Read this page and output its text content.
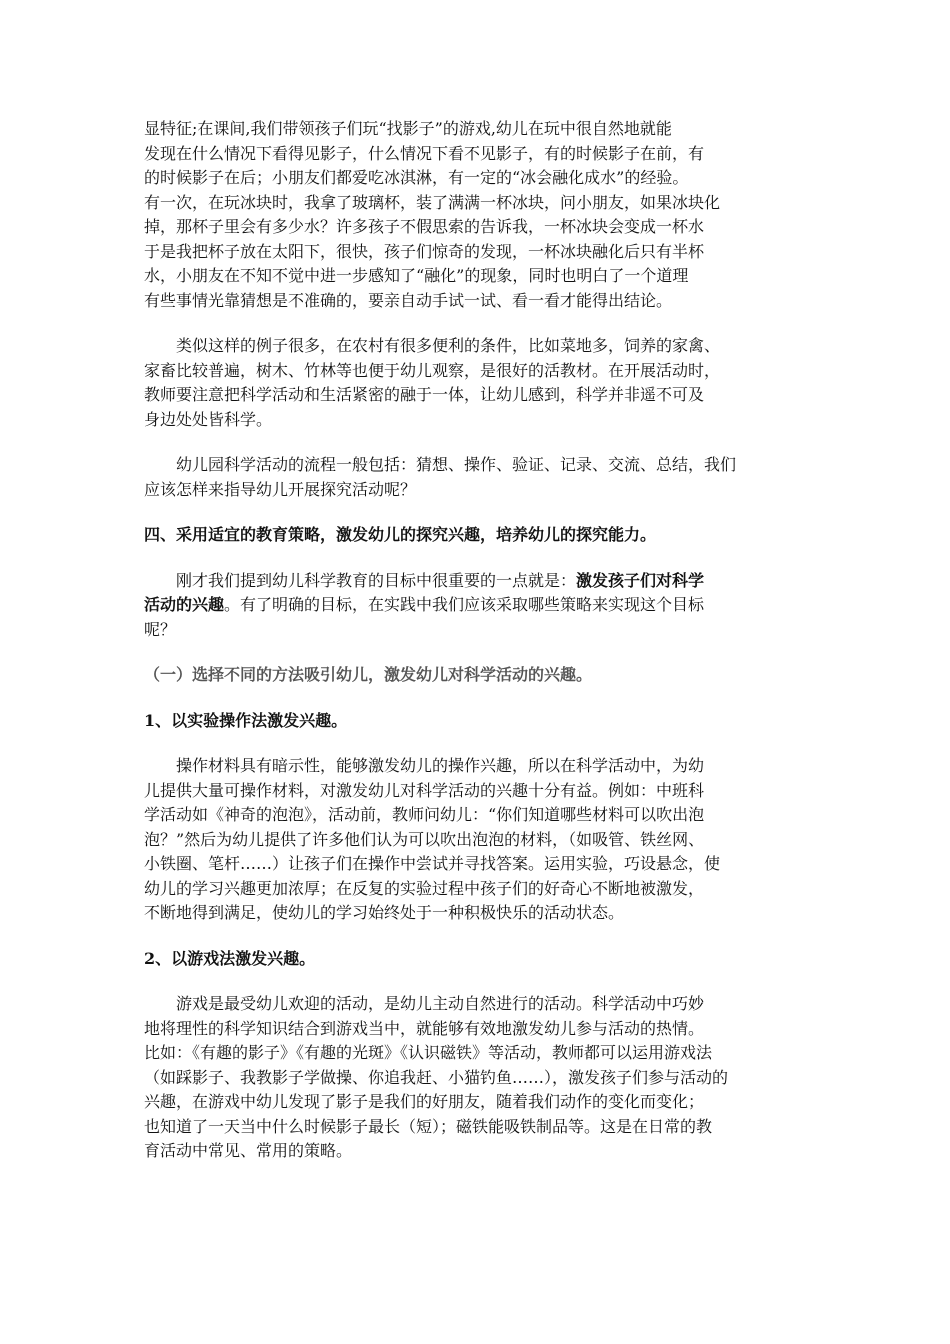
显特征;在课间,我们带领孩子们玩“找影子”的游戏,幼儿在玩中很自然地就能
发现在什么情况下看得见影子，什么情况下看不见影子，有的时候影子在前，有
的时候影子在后；小朋友们都爱吃冰淇淋，有一定的“冰会融化成水”的经验。
有一次，在玩冰块时，我拿了玻璃杯，装了满满一杯冰块，问小朋友，如果冰块化
掉，那杯子里会有多少水？许多孩子不假思索的告诉我，一杯冰块会变成一杯水
于是我把杯子放在太阳下，很快，孩子们惊奇的发现，一杯冰块融化后只有半杯
水，小朋友在不知不觉中进一步感知了“融化”的现象，同时也明白了一个道理
有些事情光靠猜想是不准确的，要亲自动手试一试、看一看才能得出结论。

类似这样的例子很多，在农村有很多便利的条件，比如菜地多，饲养的家禽、
家畜比较普遍，树木、竹林等也便于幼儿观察，是很好的活教材。在开展活动时，
教师要注意把科学活动和生活紧密的融于一体，让幼儿感到，科学并非遥不可及
身边处处皆科学。

幼儿园科学活动的流程一般包括：猜想、操作、验证、记录、交流、总结，我们
应该怎样来指导幼儿开展探究活动呢？

四、采用适宜的教育策略，激发幼儿的探究兴趣，培养幼儿的探究能力。

刚才我们提到幼儿科学教育的目标中很重要的一点就是：激发孩子们对科学
活动的兴趣。有了明确的目标，在实践中我们应该采取哪些策略来实现这个目标
呢？

（一）选择不同的方法吸引幼儿，激发幼儿对科学活动的兴趣。

1、以实验操作法激发兴趣。

操作材料具有暗示性，能够激发幼儿的操作兴趣，所以在科学活动中，为幼
儿提供大量可操作材料，对激发幼儿对科学活动的兴趣十分有益。例如：中班科
学活动如《神奇的泡泡》，活动前，教师问幼儿：“你们知道哪些材料可以吹出泡
泡？”然后为幼儿提供了许多他们认为可以吹出泡泡的材料，（如吸管、铁丝网、
小铁圈、笔杆……）让孩子们在操作中尝试并寻找答案。运用实验，巧设悬念，使
幼儿的学习兴趣更加浓厚；在反复的实验过程中孩子们的好奇心不断地被激发，
不断地得到满足，使幼儿的学习始终处于一种积极快乐的活动状态。

2、以游戏法激发兴趣。

游戏是最受幼儿欢迎的活动，是幼儿主动自然进行的活动。科学活动中巧妙
地将理性的科学知识结合到游戏当中，就能够有效地激发幼儿参与活动的热情。
比如：《有趣的影子》《有趣的光斑》《认识磁铁》等活动，教师都可以运用游戏法
（如踩影子、我教影子学做操、你追我赶、小猫钓鱼……），激发孩子们参与活动的
兴趣，在游戏中幼儿发现了影子是我们的好朋友，随着我们动作的变化而变化；
也知道了一天当中什么时候影子最长（短）；磁铁能吸铁制品等。这是在日常的教
育活动中常见、常用的策略。
